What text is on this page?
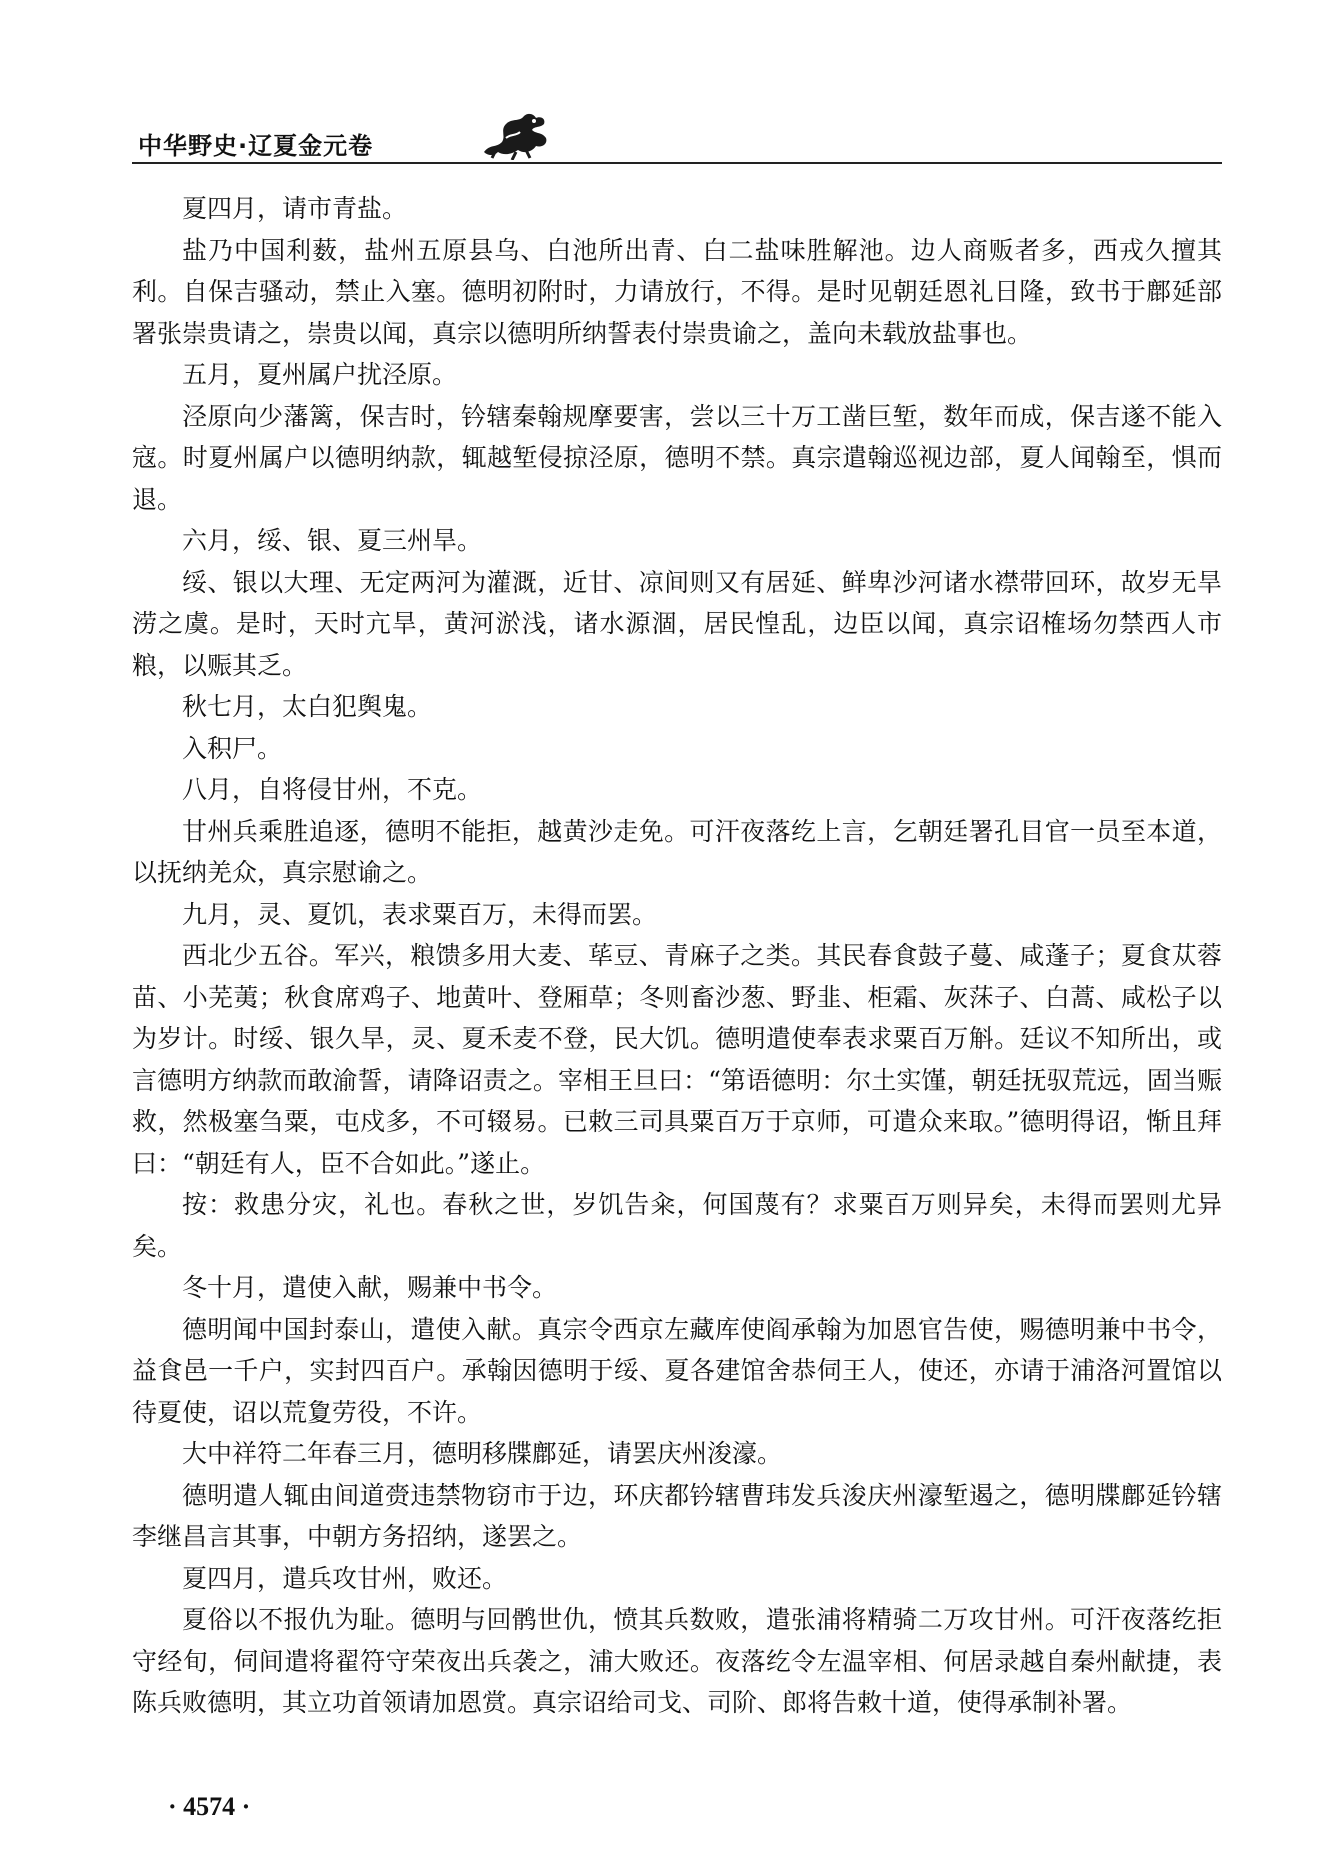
中华野史·辽夏金元卷

夏四月，请市青盐。

盐乃中国利薮，盐州五原县乌、白池所出青、白二盐味胜解池。边人商贩者多，西戎久擅其利。自保吉骚动，禁止入塞。德明初附时，力请放行，不得。是时见朝廷恩礼日隆，致书于鄜延部署张崇贵请之，崇贵以闻，真宗以德明所纳誓表付崇贵谕之，盖向未载放盐事也。

五月，夏州属户扰泾原。

泾原向少藩篱，保吉时，钤辖秦翰规摩要害，尝以三十万工凿巨堑，数年而成，保吉遂不能入寇。时夏州属户以德明纳款，辄越堑侵掠泾原，德明不禁。真宗遣翰巡视边部，夏人闻翰至，惧而退。

六月，绥、银、夏三州旱。

绥、银以大理、无定两河为灌溉，近甘、凉间则又有居延、鲜卑沙河诸水襟带回环，故岁无旱涝之虞。是时，天时亢旱，黄河淤浅，诸水源涸，居民惶乱，边臣以闻，真宗诏榷场勿禁西人市粮，以赈其乏。

秋七月，太白犯舆鬼。

入积尸。

八月，自将侵甘州，不克。

甘州兵乘胜追逐，德明不能拒，越黄沙走免。可汗夜落纥上言，乞朝廷署孔目官一员至本道，以抚纳羌众，真宗慰谕之。

九月，灵、夏饥，表求粟百万，未得而罢。

西北少五谷。军兴，粮馈多用大麦、荜豆、青麻子之类。其民春食鼓子蔓、咸蓬子；夏食苁蓉苗、小芜荑；秋食席鸡子、地黄叶、登厢草；冬则畜沙葱、野韭、柜霜、灰莯子、白蒿、咸松子以为岁计。时绥、银久旱，灵、夏禾麦不登，民大饥。德明遣使奉表求粟百万斛。廷议不知所出，或言德明方纳款而敢渝誓，请降诏责之。宰相王旦曰：“第语德明：尔土实馑，朝廷抚驭荒远，固当赈救，然极塞刍粟，屯戍多，不可辍易。已敕三司具粟百万于京师，可遣众来取。”德明得诏，惭且拜曰：“朝廷有人，臣不合如此。”遂止。

按：救患分灾，礼也。春秋之世，岁饥告籴，何国蔑有？求粟百万则异矣，未得而罢则尤异矣。

冬十月，遣使入献，赐兼中书令。

德明闻中国封泰山，遣使入献。真宗令西京左藏库使阎承翰为加恩官告使，赐德明兼中书令，益食邑一千户，实封四百户。承翰因德明于绥、夏各建馆舍恭伺王人，使还，亦请于浦洛河置馆以待夏使，诏以荒夐劳役，不许。

大中祥符二年春三月，德明移牒鄜延，请罢庆州浚濠。

德明遣人辄由间道赍违禁物窃市于边，环庆都钤辖曹玮发兵浚庆州濠堑遏之，德明牒鄜延钤辖李继昌言其事，中朝方务招纳，遂罢之。

夏四月，遣兵攻甘州，败还。

夏俗以不报仇为耻。德明与回鹘世仇，愤其兵数败，遣张浦将精骑二万攻甘州。可汗夜落纥拒守经旬，伺间遣将翟符守荣夜出兵袭之，浦大败还。夜落纥令左温宰相、何居录越自秦州献捷，表陈兵败德明，其立功首领请加恩赏。真宗诏给司戈、司阶、郎将告敕十道，使得承制补署。

· 4574 ·
